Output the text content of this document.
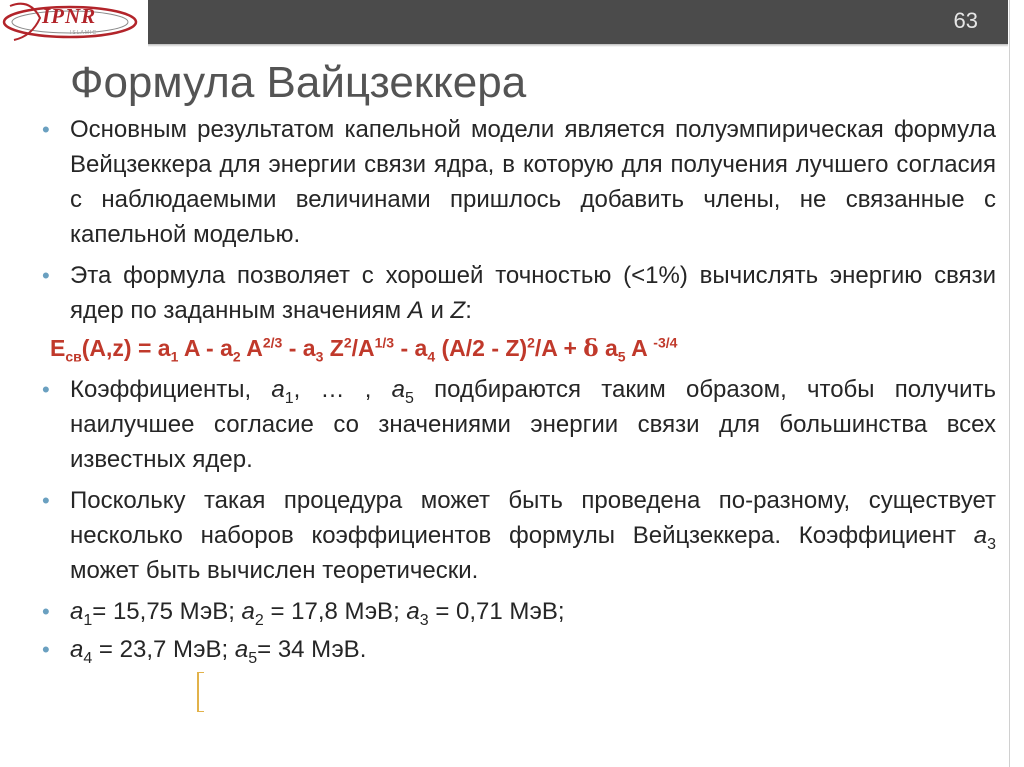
63
IPNR
ISLAMIC
Формула Вайцзеккера
• Основным результатом капельной модели является полуэмпирическая формула Вейцзеккера для энергии связи ядра, в которую для получения лучшего согласия с наблюдаемыми величинами пришлось добавить члены, не связанные с капельной моделью.
• Эта формула позволяет с хорошей точностью (<1%) вычислять энергию связи ядер по заданным значениям A и Z:
$E_{св}(A,z) = a_1$ A - $a_2$ $A^{2/3} - a_3$ $Z^2/A^{1/3} - a_4$ (A/2 - Z)$^2$/A + δ $a_5$ A $^{-3/4}$
• Коэффициенты, $a_1$, … , $a_5$ подбираются таким образом, чтобы получить наилучшее согласие со значениями энергии связи для большинства всех известных ядер.
• Поскольку такая процедура может быть проведена по-разному, существует несколько наборов коэффициентов формулы Вейцзеккера. Коэффициент $a_3$ может быть вычислен теоретически.
• $a_1= 15,75$ МэВ; $a_2 = 17,8$ МэВ; $a_3 = 0,71$ МэВ;
• $a_4 = 23,7$ МэВ; $a_5= 34$ МэВ.
